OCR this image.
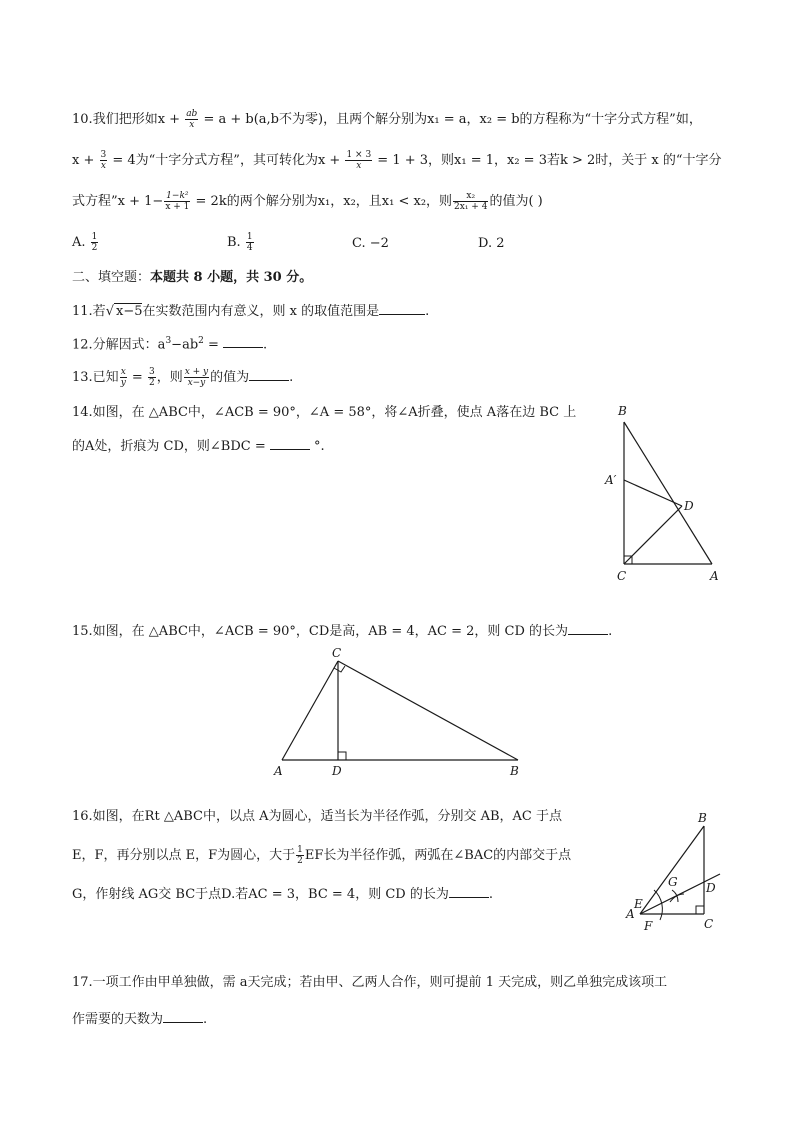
10.我们把形如$x + \frac{ab}{x} = a + b(a,b$不为零)，且两个解分别为x₁ = a，x₂ = b的方程称为“十字分式方程”如，
$x + \frac{3}{x} = 4$为“十字分式方程”，其可转化为$x + \frac{1 \times 3}{x} = 1 + 3$，则x₁ = 1，x₂ = 3若k > 2时，关于 x 的“十字分
式方程”x + $1- \frac{\text{1−k²}}{x + 1} = 2k$的两个解分别为x₁，x₂，且x₁ < x₂，则 $\frac{\text{x₂}}{\text{2x₁ + 4}}$ 的值为( )
A. $\frac{1}{2}$	B. $\frac{1}{4}$	C. −2	D. 2
二、填空题：本题共 8 小题，共 30 分。
11.若√ x−5在实数范围内有意义，则 x 的取值范围是	.
12.分解因式：$a^3-ab^2$ =	.
13.已知 $\frac{x}{y} = \frac{3}{2}$ ，则 $\frac{x + y}{x-y}$ 的值为	.
14.如图，在 △ABC中，∠ACB = 90°，∠A = 58°，将∠A折叠，使点 A落在边 BC 上
的A处，折痕为 CD，则∠BDC =	°.
B
A′
D
C	A
15.如图，在 △ABC中，∠ACB = 90°，CD是高，AB = 4，AC = 2，则 CD 的长为	.
C
A	D	B
16.如图，在Rt △ABC中，以点 A为圆心，适当长为半径作弧，分别交 AB，AC 于点
E，F，再分别以点 E，F为圆心，大于 $\frac{1}{2}$ EF长为半径作弧，两弧在∠BAC的内部交于点
G，作射线 AG交 BC于点D.若AC = 3，BC = 4，则 CD 的长为	.
B
G D
E
A
C
F
17.一项工作由甲单独做，需 a天完成；若由甲、乙两人合作，则可提前 1 天完成，则乙单独完成该项工
作需要的天数为	.
